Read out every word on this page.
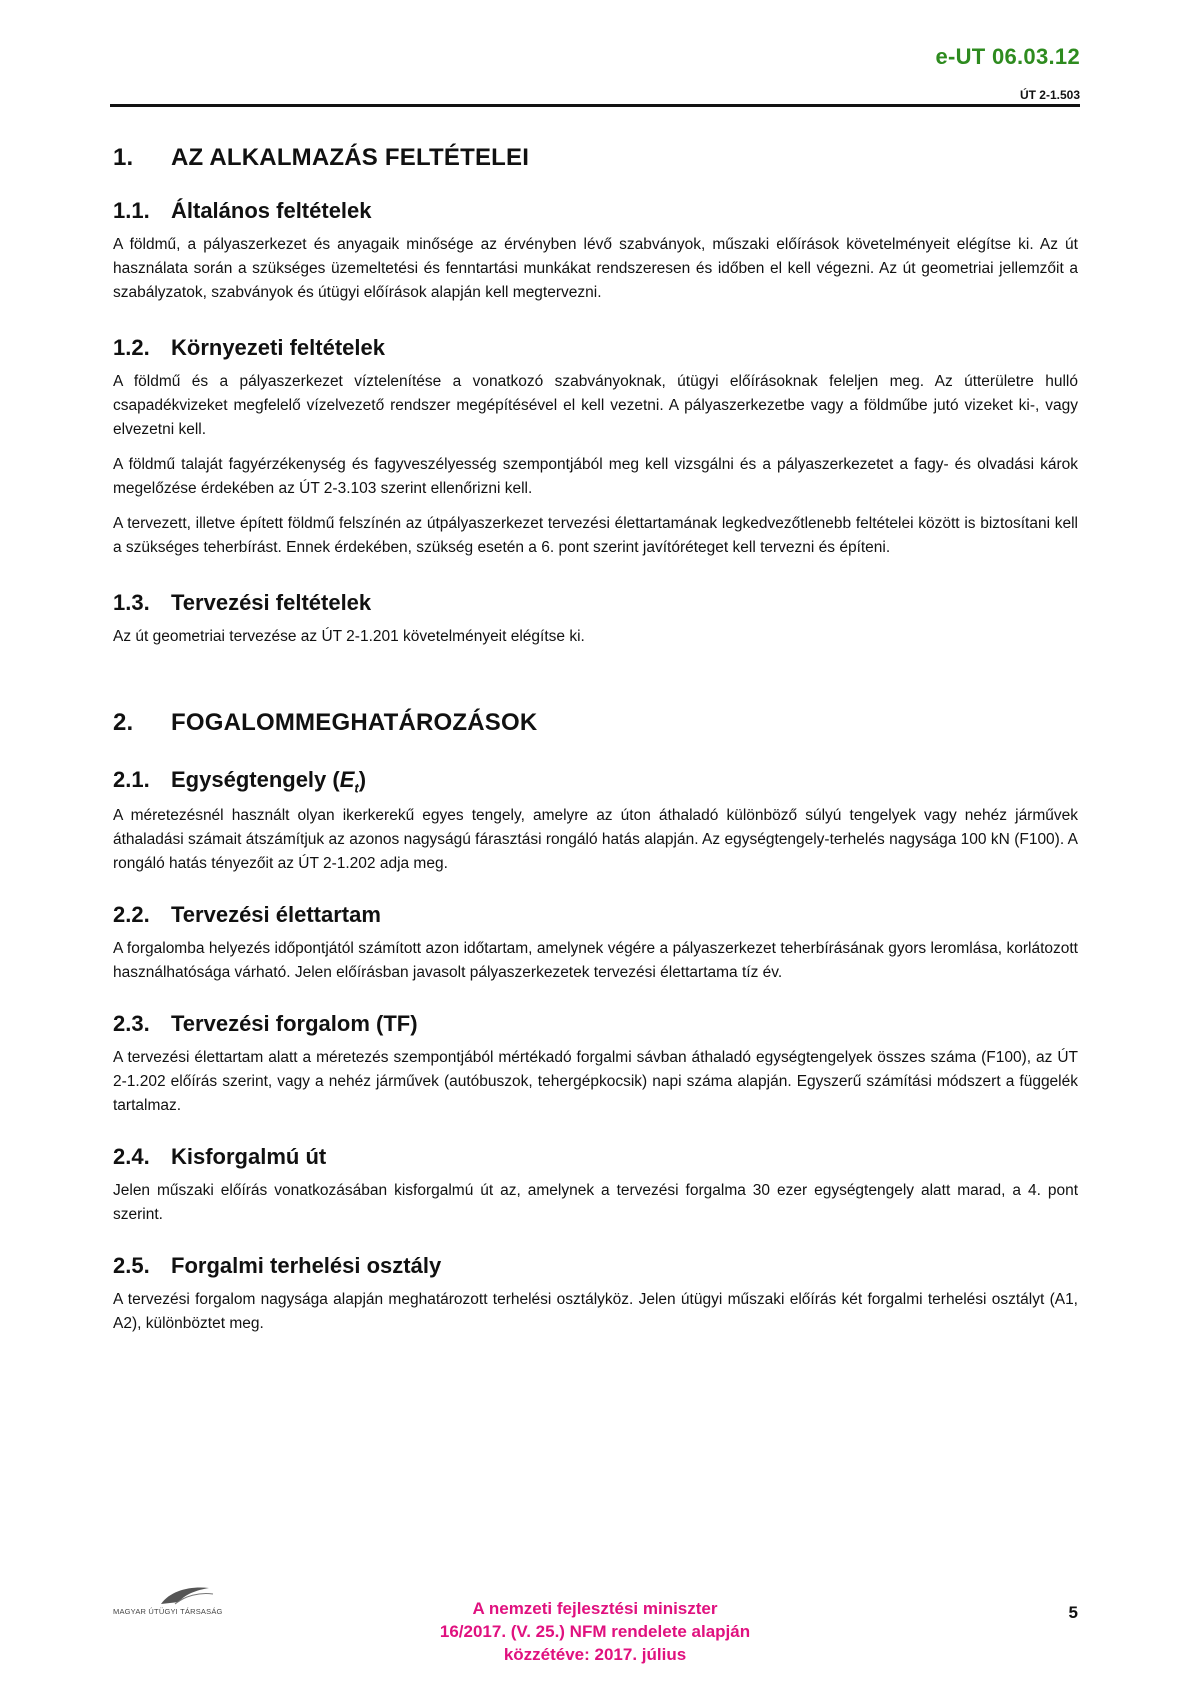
e-UT 06.03.12
ÚT 2-1.503
1.	AZ ALKALMAZÁS FELTÉTELEI
1.1. Általános feltételek

A földmű, a pályaszerkezet és anyagaik minősége az érvényben lévő szabványok, műszaki előírások követelményeit elégítse ki. Az út használata során a szükséges üzemeltetési és fenntartási munkákat rendszeresen és időben el kell végezni. Az út geometriai jellemzőit a szabályzatok, szabványok és útügyi előírások alapján kell megtervezni.

1.2. Környezeti feltételek

A földmű és a pályaszerkezet víztelenítése a vonatkozó szabványoknak, útügyi előírásoknak feleljen meg. Az útterületre hulló csapadékvizeket megfelelő vízelvezető rendszer megépítésével el kell vezetni. A pályaszerkezetbe vagy a földműbe jutó vizeket ki-, vagy elvezetni kell.

A földmű talaját fagyérzékenység és fagyveszélyesség szempontjából meg kell vizsgálni és a pályaszerkezetet a fagy- és olvadási károk megelőzése érdekében az ÚT 2-3.103 szerint ellenőrizni kell.

A tervezett, illetve épített földmű felszínén az útpályaszerkezet tervezési élettartamának legkedvezőtlenebb feltételei között is biztosítani kell a szükséges teherbírást. Ennek érdekében, szükség esetén a 6. pont szerint javítóréteget kell tervezni és építeni.

1.3. Tervezési feltételek

Az út geometriai tervezése az ÚT 2-1.201 követelményeit elégítse ki.

2.	FOGALOMMEGHATÁROZÁSOK
2.1. Egységtengely $(E_t)$

A méretezésnél használt olyan ikerkerekű egyes tengely, amelyre az úton áthaladó különböző súlyú tengelyek vagy nehéz járművek áthaladási számait átszámítjuk az azonos nagyságú fárasztási rongáló hatás alapján. Az egységtengely-terhelés nagysága 100 kN (F100). A rongáló hatás tényezőit az ÚT 2-1.202 adja meg.

2.2. Tervezési élettartam

A forgalomba helyezés időpontjától számított azon időtartam, amelynek végére a pályaszerkezet teherbírásának gyors leromlása, korlátozott használhatósága várható. Jelen előírásban javasolt pályaszerkezetek tervezési élettartama tíz év.

2.3. Tervezési forgalom (TF)

A tervezési élettartam alatt a méretezés szempontjából mértékadó forgalmi sávban áthaladó egységtengelyek összes száma (F100), az ÚT 2-1.202 előírás szerint, vagy a nehéz járművek (autóbuszok, tehergépkocsik) napi száma alapján. Egyszerű számítási módszert a függelék tartalmaz.

2.4. Kisforgalmú út

Jelen műszaki előírás vonatkozásában kisforgalmú út az, amelynek a tervezési forgalma 30 ezer egységtengely alatt marad, a 4. pont szerint.

2.5. Forgalmi terhelési osztály

A tervezési forgalom nagysága alapján meghatározott terhelési osztályköz. Jelen útügyi műszaki előírás két forgalmi terhelési osztályt (A1, A2), különböztet meg.

MAGYAR ÚTÜGYI TÁRSASÁG	A nemzeti fejlesztési miniszter
16/2017. (V. 25.) NFM rendelete alapján
közzétéve: 2017. július
5
